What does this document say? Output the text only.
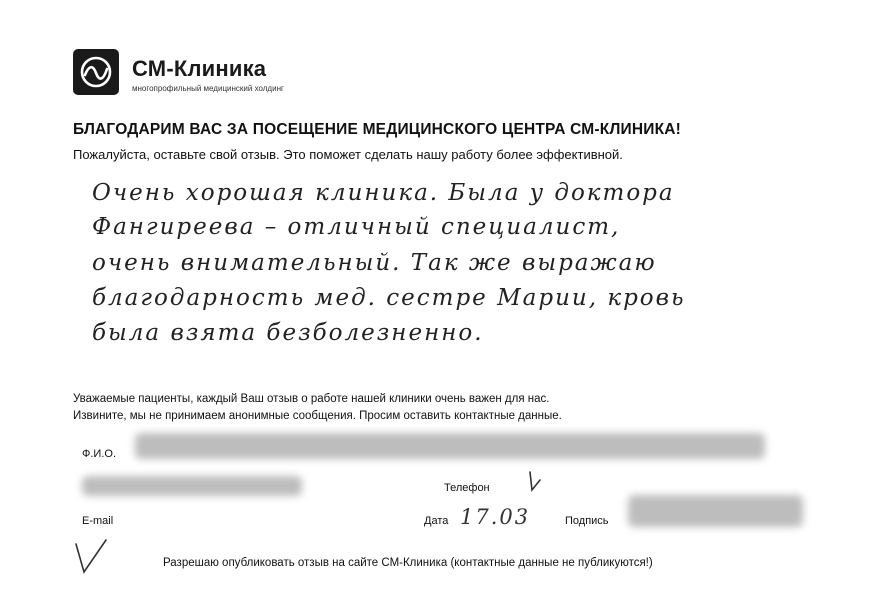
СМ-Клиника
многопрофильный медицинский холдинг
БЛАГОДАРИМ ВАС ЗА ПОСЕЩЕНИЕ МЕДИЦИНСКОГО ЦЕНТРА СМ-КЛИНИКА!
Пожалуйста, оставьте свой отзыв. Это поможет сделать нашу работу более эффективной.
Очень хорошая клиника. Была у доктора
Фангиреева – отличный специалист,
очень внимательный. Так же выражаю
благодарность мед. сестре Марии, кровь
была взята безболезненно.
Уважаемые пациенты, каждый Ваш отзыв о работе нашей клиники очень важен для нас.
Извините, мы не принимаем анонимные сообщения. Просим оставить контактные данные.
Ф.И.О.
Телефон
E-mail	Дата 17.03	Подпись
Разрешаю опубликовать отзыв на сайте СМ-Клиника (контактные данные не публикуются!)
